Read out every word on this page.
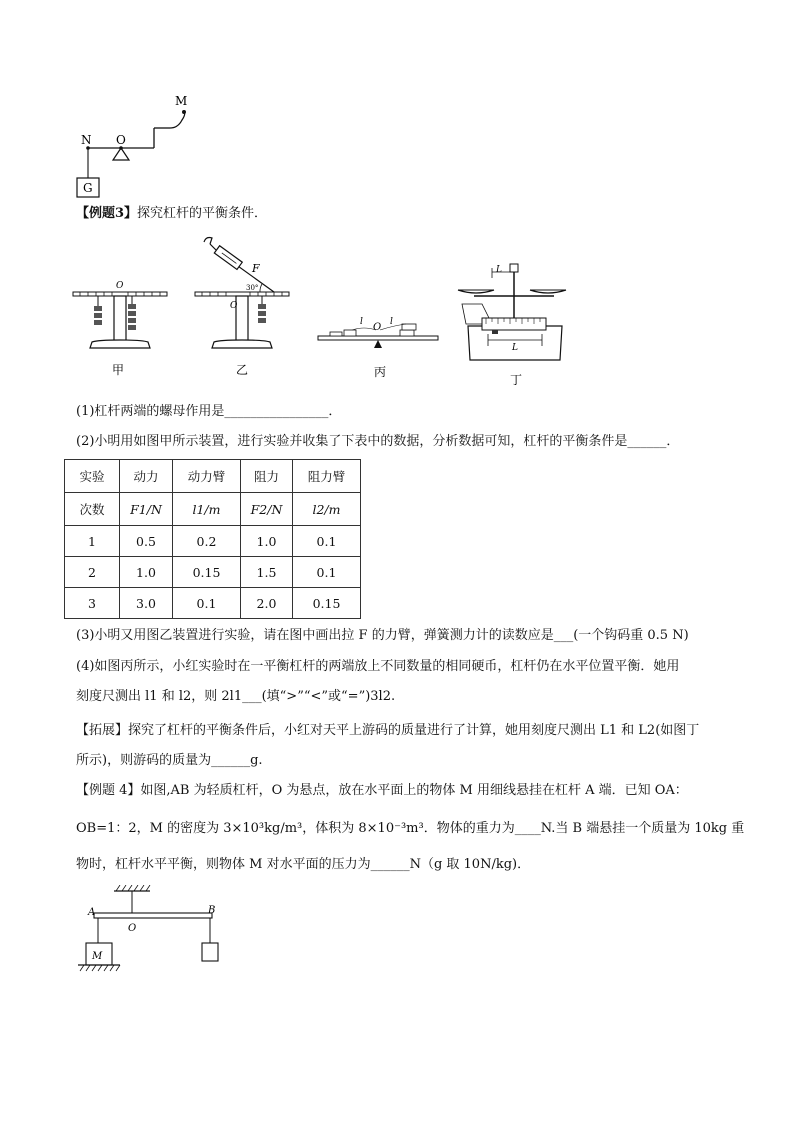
M
N O
G
【例题3】探究杠杆的平衡条件．
O
甲
F
30°
O
乙
l O l
丙
L
L
丁
(1)杠杆两端的螺母作用是________________．
(2)小明用如图甲所示装置，进行实验并收集了下表中的数据，分析数据可知，杠杆的平衡条件是______．
实验	动力	动力臂	阻力	阻力臂
次数	F1/N	l1/m	F2/N	l2/m
1	0.5	0.2	1.0	0.1
2	1.0	0.15	1.5	0.1
3	3.0	0.1	2.0	0.15
(3)小明又用图乙装置进行实验，请在图中画出拉 F 的力臂，弹簧测力计的读数应是___(一个钩码重 0.5 N)
(4)如图丙所示，小红实验时在一平衡杠杆的两端放上不同数量的相同硬币，杠杆仍在水平位置平衡．她用
刻度尺测出 l1 和 l2，则 2l1___(填“>”“<”或“=”)3l2.
【拓展】探究了杠杆的平衡条件后，小红对天平上游码的质量进行了计算，她用刻度尺测出 L1 和 L2(如图丁
所示)，则游码的质量为______g.
【例题 4】如图,AB 为轻质杠杆，O 为悬点，放在水平面上的物体 M 用细线悬挂在杠杆 A 端．已知 OA：
OB=1：2，M 的密度为 3×10³kg/m³，体积为 8×10⁻³m³．物体的重力为____N.当 B 端悬挂一个质量为 10kg 重
物时，杠杆水平平衡，则物体 M 对水平面的压力为______N（g 取 10N/kg)．
A	B
O
M
